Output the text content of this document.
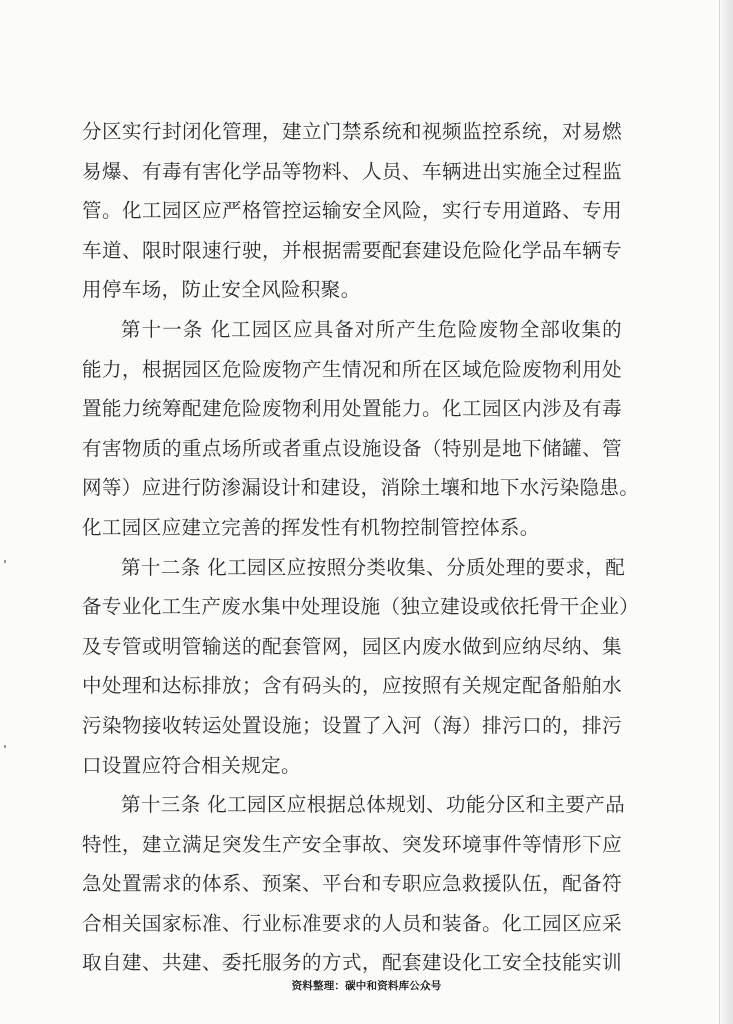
分区实行封闭化管理，建立门禁系统和视频监控系统，对易燃
易爆、有毒有害化学品等物料、人员、车辆进出实施全过程监
管。化工园区应严格管控运输安全风险，实行专用道路、专用
车道、限时限速行驶，并根据需要配套建设危险化学品车辆专
用停车场，防止安全风险积聚。
第十一条 化工园区应具备对所产生危险废物全部收集的
能力，根据园区危险废物产生情况和所在区域危险废物利用处
置能力统筹配建危险废物利用处置能力。化工园区内涉及有毒
有害物质的重点场所或者重点设施设备（特别是地下储罐、管
网等）应进行防渗漏设计和建设，消除土壤和地下水污染隐患。
化工园区应建立完善的挥发性有机物控制管控体系。
第十二条 化工园区应按照分类收集、分质处理的要求，配
备专业化工生产废水集中处理设施（独立建设或依托骨干企业）
及专管或明管输送的配套管网，园区内废水做到应纳尽纳、集
中处理和达标排放；含有码头的，应按照有关规定配备船舶水
污染物接收转运处置设施；设置了入河（海）排污口的，排污
口设置应符合相关规定。
第十三条 化工园区应根据总体规划、功能分区和主要产品
特性，建立满足突发生产安全事故、突发环境事件等情形下应
急处置需求的体系、预案、平台和专职应急救援队伍，配备符
合相关国家标准、行业标准要求的人员和装备。化工园区应采
取自建、共建、委托服务的方式，配套建设化工安全技能实训
资料整理：碳中和资料库公众号
